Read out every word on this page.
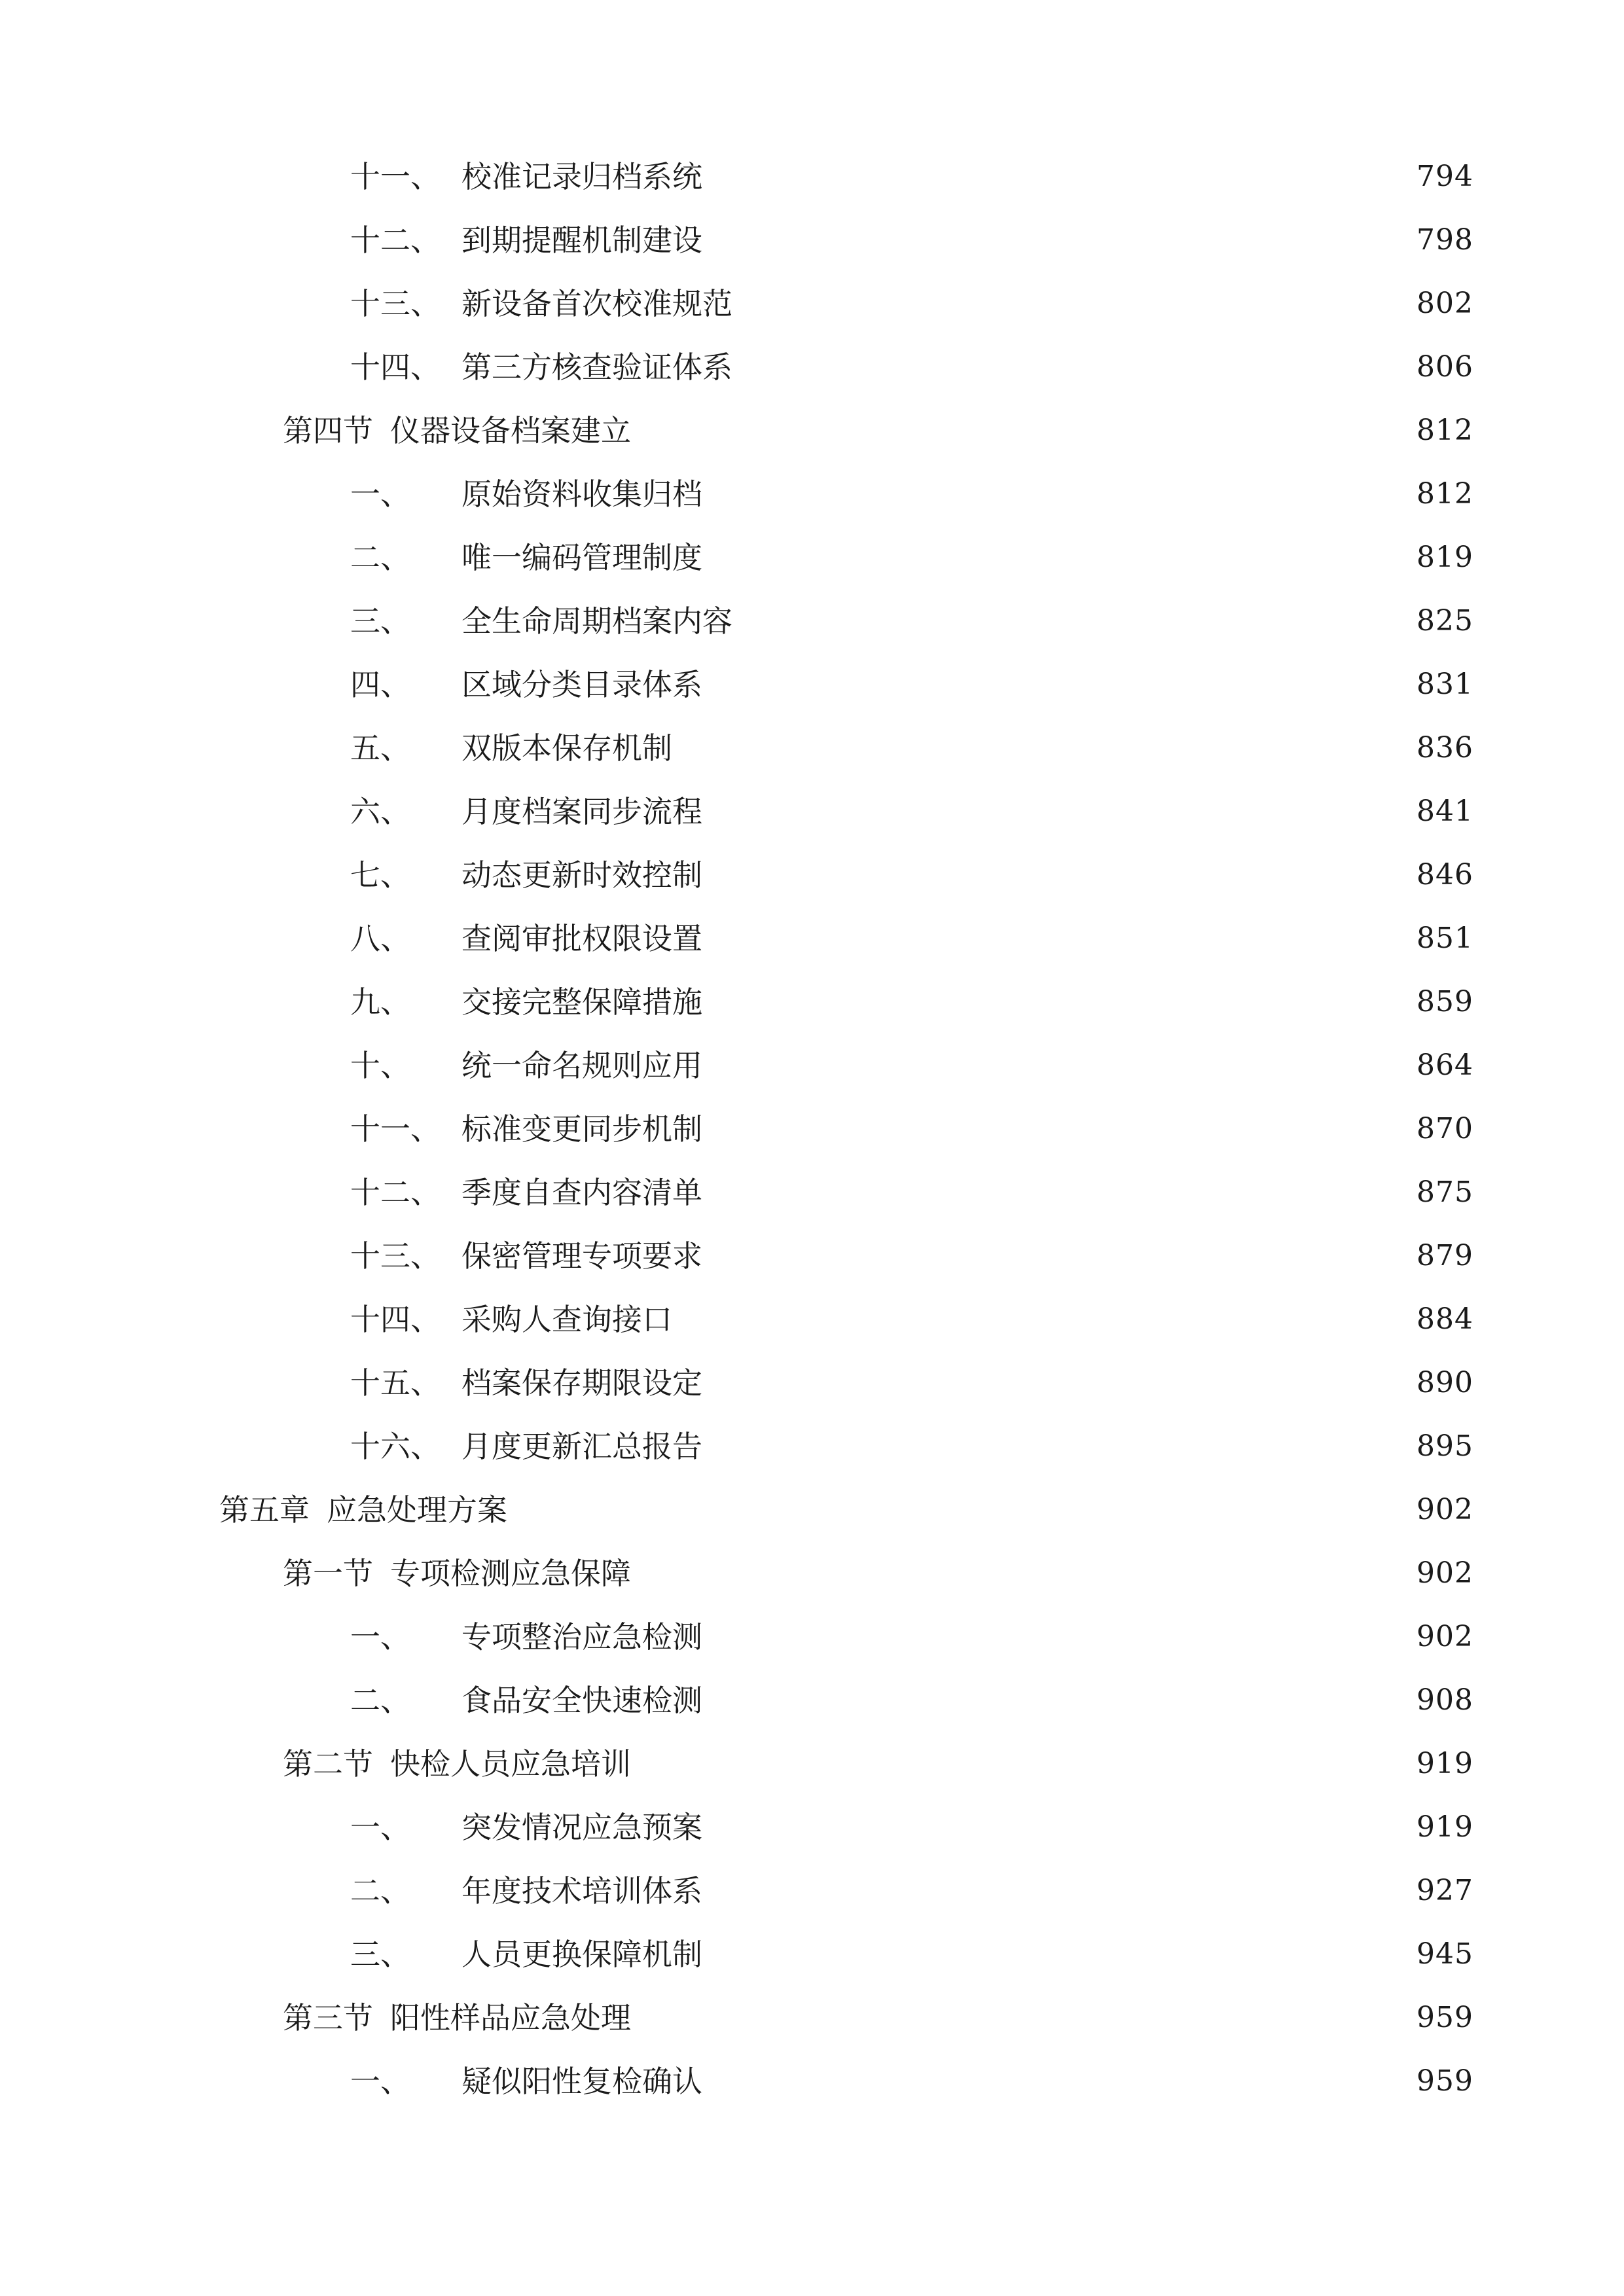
十一、 校准记录归档系统	794
十二、 到期提醒机制建设	798
十三、 新设备首次校准规范	802
十四、 第三方核查验证体系	806
第四节 仪器设备档案建立	812
一、	原始资料收集归档	812
二、	唯一编码管理制度	819
三、	全生命周期档案内容	825
四、	区域分类目录体系	831
五、	双版本保存机制	836
六、	月度档案同步流程	841
七、	动态更新时效控制	846
八、	查阅审批权限设置	851
九、	交接完整保障措施	859
十、	统一命名规则应用	864
十一、 标准变更同步机制	870
十二、 季度自查内容清单	875
十三、 保密管理专项要求	879
十四、 采购人查询接口	884
十五、 档案保存期限设定	890
十六、 月度更新汇总报告	895
第五章 应急处理方案	902
第一节 专项检测应急保障	902
一、	专项整治应急检测	902
二、	食品安全快速检测	908
第二节 快检人员应急培训	919
一、	突发情况应急预案	919
二、	年度技术培训体系	927
三、	人员更换保障机制	945
第三节 阳性样品应急处理	959
一、	疑似阳性复检确认	959
